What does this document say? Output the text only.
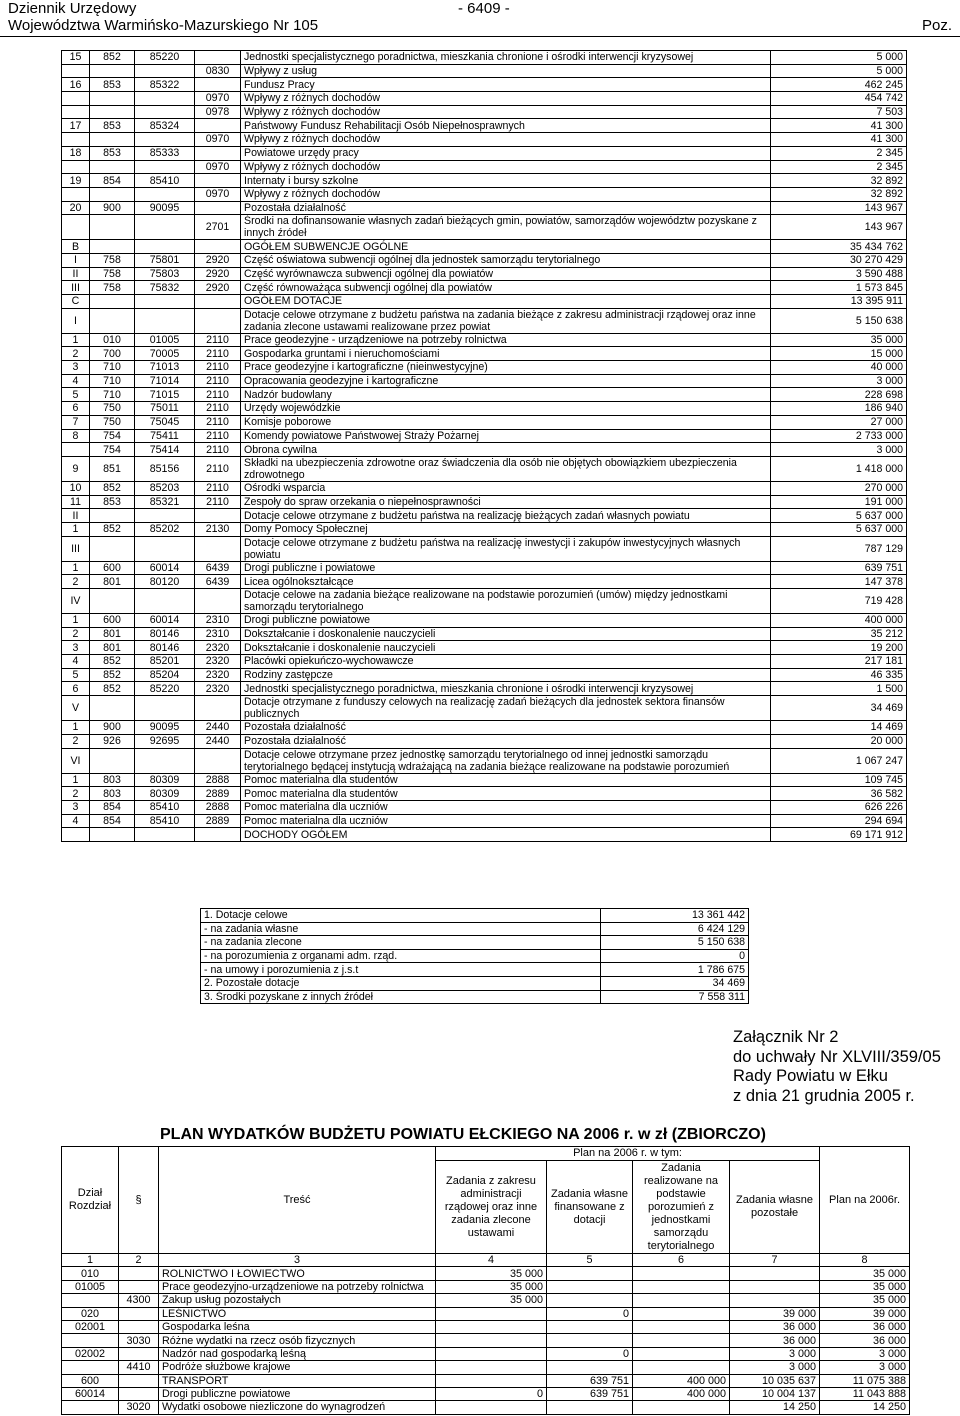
Dziennik Urzędowy
Województwa Warmińsko-Mazurskiego Nr 105
- 6409 -
Poz.
15	852	85220		Jednostki specjalistycznego poradnictwa, mieszkania chronione i ośrodki interwencji kryzysowej	5 000
			0830	Wpływy z usług	5 000
16	853	85322		Fundusz Pracy	462 245
			0970	Wpływy z różnych dochodów	454 742
			0978	Wpływy z różnych dochodów	7 503
17	853	85324		Państwowy Fundusz Rehabilitacji Osób Niepełnosprawnych	41 300
			0970	Wpływy z różnych dochodów	41 300
18	853	85333		Powiatowe urzędy pracy	2 345
			0970	Wpływy z różnych dochodów	2 345
19	854	85410		Internaty i bursy szkolne	32 892
			0970	Wpływy z różnych dochodów	32 892
20	900	90095		Pozostała działalność	143 967
			2701	Środki na dofinansowanie własnych zadań bieżących gmin, powiatów, samorządów województw pozyskane z innych źródeł	143 967
B				OGÓŁEM SUBWENCJE OGÓLNE	35 434 762
I	758	75801	2920	Część oświatowa subwencji ogólnej dla jednostek samorządu terytorialnego	30 270 429
II	758	75803	2920	Część wyrównawcza subwencji ogólnej dla powiatów	3 590 488
III	758	75832	2920	Część równoważąca subwencji ogólnej dla powiatów	1 573 845
C				OGÓŁEM DOTACJE	13 395 911
I				Dotacje celowe otrzymane z budżetu państwa na zadania bieżące z zakresu administracji rządowej oraz inne zadania zlecone ustawami realizowane przez powiat	5 150 638
1	010	01005	2110	Prace geodezyjne - urządzeniowe na potrzeby rolnictwa	35 000
2	700	70005	2110	Gospodarka gruntami i nieruchomościami	15 000
3	710	71013	2110	Prace geodezyjne i kartograficzne (nieinwestycyjne)	40 000
4	710	71014	2110	Opracowania geodezyjne i kartograficzne	3 000
5	710	71015	2110	Nadzór budowlany	228 698
6	750	75011	2110	Urzędy wojewódzkie	186 940
7	750	75045	2110	Komisje poborowe	27 000
8	754	75411	2110	Komendy powiatowe Państwowej Straży Pożarnej	2 733 000
	754	75414	2110	Obrona cywilna	3 000
9	851	85156	2110	Składki na ubezpieczenia zdrowotne oraz świadczenia dla osób nie objętych obowiązkiem ubezpieczenia zdrowotnego	1 418 000
10	852	85203	2110	Ośrodki wsparcia	270 000
11	853	85321	2110	Zespoły do spraw orzekania o niepełnosprawności	191 000
II				Dotacje celowe otrzymane z budżetu państwa na realizację bieżących zadań własnych powiatu	5 637 000
1	852	85202	2130	Domy Pomocy Społecznej	5 637 000
III				Dotacje celowe otrzymane z budżetu państwa na realizację inwestycji i zakupów inwestycyjnych własnych powiatu	787 129
1	600	60014	6439	Drogi publiczne i powiatowe	639 751
2	801	80120	6439	Licea ogólnokształcące	147 378
IV				Dotacje celowe na zadania bieżące realizowane na podstawie porozumień (umów) między jednostkami samorządu terytorialnego	719 428
1	600	60014	2310	Drogi publiczne powiatowe	400 000
2	801	80146	2310	Dokształcanie i doskonalenie nauczycieli	35 212
3	801	80146	2320	Dokształcanie i doskonalenie nauczycieli	19 200
4	852	85201	2320	Placówki opiekuńczo-wychowawcze	217 181
5	852	85204	2320	Rodziny zastępcze	46 335
6	852	85220	2320	Jednostki specjalistycznego poradnictwa, mieszkania chronione i ośrodki interwencji kryzysowej	1 500
V				Dotacje otrzymane z funduszy celowych na realizację zadań bieżących dla jednostek sektora finansów publicznych	34 469
1	900	90095	2440	Pozostała działalność	14 469
2	926	92695	2440	Pozostała działalność	20 000
VI				Dotacje celowe otrzymane przez jednostkę samorządu terytorialnego od innej jednostki samorządu terytorialnego będącej instytucją wdrażającą na zadania bieżące realizowane na podstawie porozumień	1 067 247
1	803	80309	2888	Pomoc materialna dla studentów	109 745
2	803	80309	2889	Pomoc materialna dla studentów	36 582
3	854	85410	2888	Pomoc materialna dla uczniów	626 226
4	854	85410	2889	Pomoc materialna dla uczniów	294 694
				DOCHODY OGÓŁEM	69 171 912
1. Dotacje celowe	13 361 442
- na zadania własne	6 424 129
- na zadania zlecone	5 150 638
- na porozumienia z organami adm. rząd.	0
- na umowy i porozumienia z j.s.t	1 786 675
2. Pozostałe dotacje	34 469
3. Środki pozyskane z innych źródeł	7 558 311
Załącznik Nr 2
do uchwały Nr XLVIII/359/05
Rady Powiatu w Ełku
z dnia 21 grudnia 2005 r.
PLAN WYDATKÓW BUDŻETU POWIATU EŁCKIEGO NA 2006 r. w zł (ZBIORCZO)
Dział Rozdział	§	Treść	Plan na 2006 r. w tym:				Plan na 2006r.
			Zadania z zakresu administracji rządowej oraz inne zadania zlecone ustawami	Zadania własne finansowane z dotacji	Zadania realizowane na podstawie porozumień z jednostkami samorządu terytorialnego	Zadania własne pozostałe	
1	2	3	4	5	6	7	8
010		ROLNICTWO I ŁOWIECTWO	35 000				35 000
01005		Prace geodezyjno-urządzeniowe na potrzeby rolnictwa	35 000				35 000
	4300	Zakup usług pozostałych	35 000				35 000
020		LEŚNICTWO		0		39 000	39 000
02001		Gospodarka leśna				36 000	36 000
	3030	Różne wydatki na rzecz osób fizycznych				36 000	36 000
02002		Nadzór nad gospodarką leśną		0		3 000	3 000
	4410	Podróże służbowe krajowe				3 000	3 000
600		TRANSPORT		639 751	400 000	10 035 637	11 075 388
60014		Drogi publiczne powiatowe	0	639 751	400 000	10 004 137	11 043 888
	3020	Wydatki osobowe niezliczone do wynagrodzeń				14 250	14 250
